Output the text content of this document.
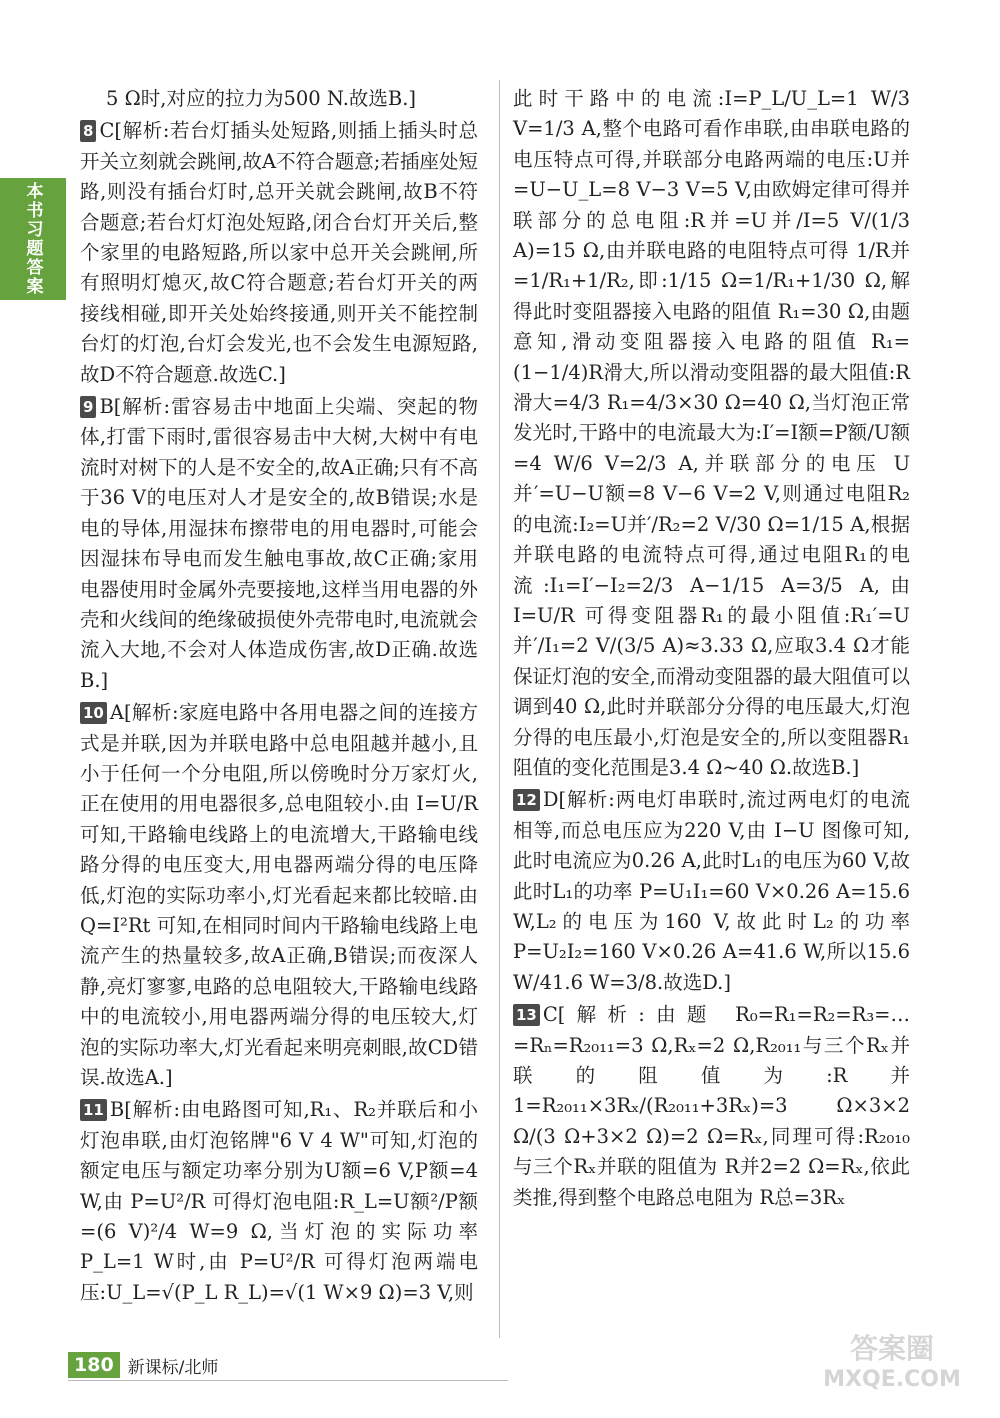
本书习题答案

5 Ω时,对应的拉力为500 N.故选B.]

8 C[解析:若台灯插头处短路,则插上插头时总开关立刻就会跳闸,故A不符合题意;若插座处短路,则没有插台灯时,总开关就会跳闸,故B不符合题意;若台灯灯泡处短路,闭合台灯开关后,整个家里的电路短路,所以家中总开关会跳闸,所有照明灯熄灭,故C符合题意;若台灯开关的两接线相碰,即开关处始终接通,则开关不能控制台灯的灯泡,台灯会发光,也不会发生电源短路,故D不符合题意.故选C.]

9 B[解析:雷容易击中地面上尖端、突起的物体,打雷下雨时,雷很容易击中大树,大树中有电流时对树下的人是不安全的,故A正确;只有不高于36 V的电压对人才是安全的,故B错误;水是电的导体,用湿抹布擦带电的用电器时,可能会因湿抹布导电而发生触电事故,故C正确;家用电器使用时金属外壳要接地,这样当用电器的外壳和火线间的绝缘破损使外壳带电时,电流就会流入大地,不会对人体造成伤害,故D正确.故选B.]

10 A[解析:家庭电路中各用电器之间的连接方式是并联,因为并联电路中总电阻越并越小,且小于任何一个分电阻,所以傍晚时分万家灯火,正在使用的用电器很多,总电阻较小.由 I=U/R 可知,干路输电线路上的电流增大,干路输电线路分得的电压变大,用电器两端分得的电压降低,灯泡的实际功率小,灯光看起来都比较暗.由 Q=I²Rt 可知,在相同时间内干路输电线路上电流产生的热量较多,故A正确,B错误;而夜深人静,亮灯寥寥,电路的总电阻较大,干路输电线路中的电流较小,用电器两端分得的电压较大,灯泡的实际功率大,灯光看起来明亮刺眼,故CD错误.故选A.]

11 B[解析:由电路图可知,R₁、R₂并联后和小灯泡串联,由灯泡铭牌"6 V 4 W"可知,灯泡的额定电压与额定功率分别为U额=6 V,P额=4 W,由 P=U²/R 可得灯泡电阻:R_L=U额²/P额=(6 V)²/4 W=9 Ω,当灯泡的实际功率 P_L=1 W时,由 P=U²/R 可得灯泡两端电压:U_L=√(P_L R_L)=√(1 W×9 Ω)=3 V,则

此时干路中的电流:I=P_L/U_L=1 W/3 V=1/3 A,整个电路可看作串联,由串联电路的电压特点可得,并联部分电路两端的电压:U并=U−U_L=8 V−3 V=5 V,由欧姆定律可得并联部分的总电阻:R并=U并/I=5 V/(1/3 A)=15 Ω,由并联电路的电阻特点可得 1/R并=1/R₁+1/R₂,即:1/15 Ω=1/R₁+1/30 Ω,解得此时变阻器接入电路的阻值 R₁=30 Ω,由题意知,滑动变阻器接入电路的阻值 R₁=(1−1/4)R滑大,所以滑动变阻器的最大阻值:R滑大=4/3 R₁=4/3×30 Ω=40 Ω,当灯泡正常发光时,干路中的电流最大为:I′=I额=P额/U额=4 W/6 V=2/3 A,并联部分的电压 U并′=U−U额=8 V−6 V=2 V,则通过电阻R₂的电流:I₂=U并′/R₂=2 V/30 Ω=1/15 A,根据并联电路的电流特点可得,通过电阻R₁的电流:I₁=I′−I₂=2/3 A−1/15 A=3/5 A,由 I=U/R 可得变阻器R₁的最小阻值:R₁′=U并′/I₁=2 V/(3/5 A)≈3.33 Ω,应取3.4 Ω才能保证灯泡的安全,而滑动变阻器的最大阻值可以调到40 Ω,此时并联部分分得的电压最大,灯泡分得的电压最小,灯泡是安全的,所以变阻器R₁阻值的变化范围是3.4 Ω~40 Ω.故选B.]

12 D[解析:两电灯串联时,流过两电灯的电流相等,而总电压应为220 V,由 I−U 图像可知,此时电流应为0.26 A,此时L₁的电压为60 V,故此时L₁的功率 P=U₁I₁=60 V×0.26 A=15.6 W,L₂的电压为160 V,故此时L₂的功率 P=U₂I₂=160 V×0.26 A=41.6 W,所以15.6 W/41.6 W=3/8.故选D.]

13 C[解析:由题 R₀=R₁=R₂=R₃=…=Rₙ=R₂₀₁₁=3 Ω,Rₓ=2 Ω,R₂₀₁₁与三个Rₓ并联的阻值为:R并1=R₂₀₁₁×3Rₓ/(R₂₀₁₁+3Rₓ)=3 Ω×3×2 Ω/(3 Ω+3×2 Ω)=2 Ω=Rₓ,同理可得:R₂₀₁₀与三个Rₓ并联的阻值为 R并2=2 Ω=Rₓ,依此类推,得到整个电路总电阻为 R总=3Rₓ

180 新课标/北师
答案圈
MXQE.COM
